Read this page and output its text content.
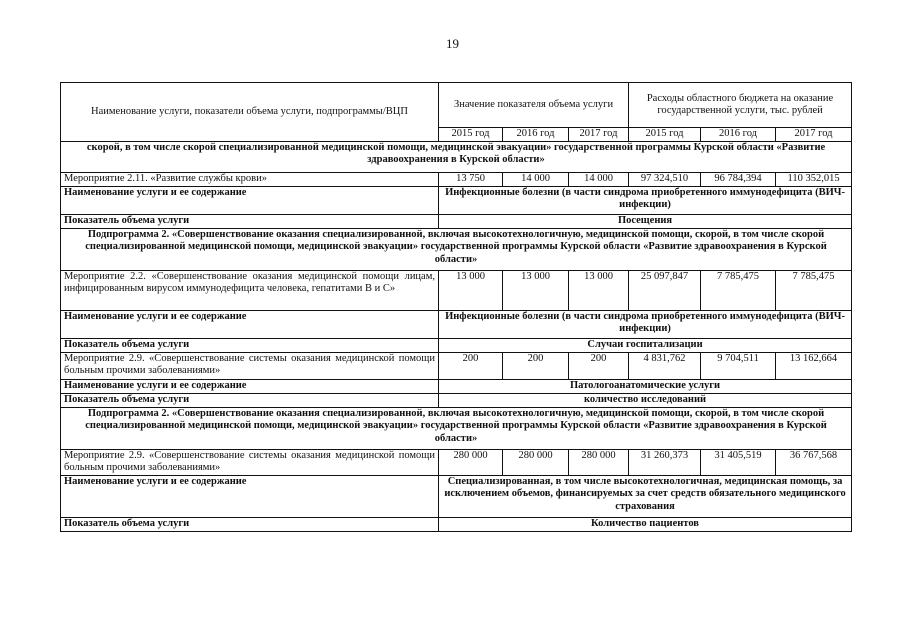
19
Наименование услуги, показатели объема услуги, подпрограммы/ВЦП	Значение показателя объема услуги			Расходы областного бюджета на оказание государственной услуги, тыс. рублей		
	2015 год	2016 год	2017 год	2015 год	2016 год	2017 год
скорой, в том числе скорой специализированной медицинской помощи, медицинской эвакуации» государственной программы Курской области «Развитие здравоохранения в Курской области»						
Мероприятие 2.11. «Развитие службы крови»	13 750	14 000	14 000	97 324,510	96 784,394	110 352,015
Наименование услуги и ее содержание	Инфекционные болезни (в части синдрома приобретенного иммунодефицита (ВИЧ-инфекции)					
Показатель объема услуги	Посещения					
Подпрограмма 2. «Совершенствование оказания специализированной, включая высокотехнологичную, медицинской помощи, скорой, в том числе скорой специализированной медицинской помощи, медицинской эвакуации» государственной программы Курской области «Развитие здравоохранения в Курской области»						
Мероприятие 2.2. «Совершенствование оказания медицинской помощи лицам, инфицированным вирусом иммунодефицита человека, гепатитами В и С»	13 000	13 000	13 000	25 097,847	7 785,475	7 785,475
Наименование услуги и ее содержание	Инфекционные болезни (в части синдрома приобретенного иммунодефицита (ВИЧ-инфекции)					
Показатель объема услуги	Случаи госпитализации					
Мероприятие 2.9. «Совершенствование системы оказания медицинской помощи больным прочими заболеваниями»	200	200	200	4 831,762	9 704,511	13 162,664
Наименование услуги и ее содержание	Патологоанатомические услуги					
Показатель объема услуги	количество исследований					
Подпрограмма 2. «Совершенствование оказания специализированной, включая высокотехнологичную, медицинской помощи, скорой, в том числе скорой специализированной медицинской помощи, медицинской эвакуации» государственной программы Курской области «Развитие здравоохранения в Курской области»						
Мероприятие 2.9. «Совершенствование системы оказания медицинской помощи больным прочими заболеваниями»	280 000	280 000	280 000	31 260,373	31 405,519	36 767,568
Наименование услуги и ее содержание	Специализированная, в том числе высокотехнологичная, медицинская помощь, за исключением объемов, финансируемых за счет средств обязательного медицинского страхования					
Показатель объема услуги	Количество пациентов					
